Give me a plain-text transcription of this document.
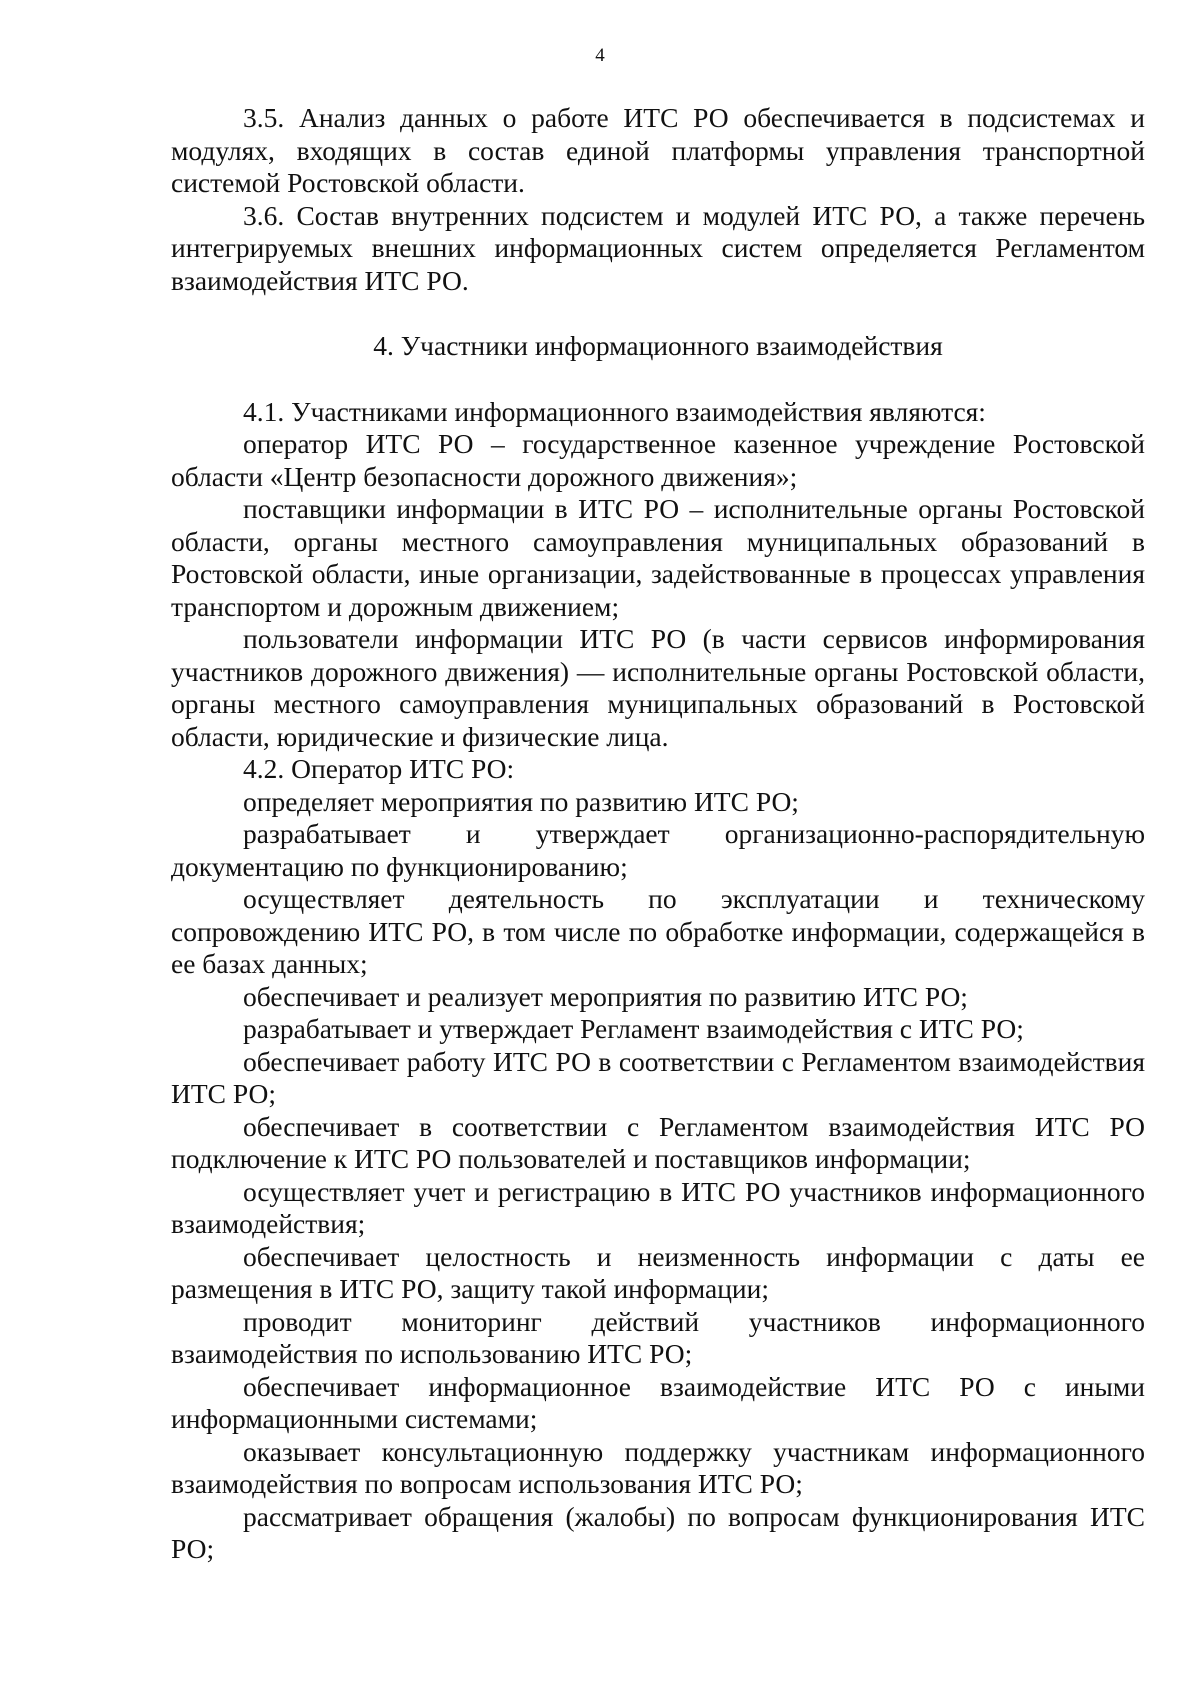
4

3.5. Анализ данных о работе ИТС РО обеспечивается в подсистемах и модулях, входящих в состав единой платформы управления транспортной системой Ростовской области.

3.6. Состав внутренних подсистем и модулей ИТС РО, а также перечень интегрируемых внешних информационных систем определяется Регламентом взаимодействия ИТС РО.

4. Участники информационного взаимодействия

4.1. Участниками информационного взаимодействия являются:

оператор ИТС РО – государственное казенное учреждение Ростовской области «Центр безопасности дорожного движения»;

поставщики информации в ИТС РО – исполнительные органы Ростовской области, органы местного самоуправления муниципальных образований в Ростовской области, иные организации, задействованные в процессах управления транспортом и дорожным движением;

пользователи информации ИТС РО (в части сервисов информирования участников дорожного движения) — исполнительные органы Ростовской области, органы местного самоуправления муниципальных образований в Ростовской области, юридические и физические лица.

4.2. Оператор ИТС РО:

определяет мероприятия по развитию ИТС РО;

разрабатывает и утверждает организационно-распорядительную документацию по функционированию;

осуществляет деятельность по эксплуатации и техническому сопровождению ИТС РО, в том числе по обработке информации, содержащейся в ее базах данных;

обеспечивает и реализует мероприятия по развитию ИТС РО;

разрабатывает и утверждает Регламент взаимодействия с ИТС РО;

обеспечивает работу ИТС РО в соответствии с Регламентом взаимодействия ИТС РО;

обеспечивает в соответствии с Регламентом взаимодействия ИТС РО подключение к ИТС РО пользователей и поставщиков информации;

осуществляет учет и регистрацию в ИТС РО участников информационного взаимодействия;

обеспечивает целостность и неизменность информации с даты ее размещения в ИТС РО, защиту такой информации;

проводит мониторинг действий участников информационного взаимодействия по использованию ИТС РО;

обеспечивает информационное взаимодействие ИТС РО с иными информационными системами;

оказывает консультационную поддержку участникам информационного взаимодействия по вопросам использования ИТС РО;

рассматривает обращения (жалобы) по вопросам функционирования ИТС РО;
